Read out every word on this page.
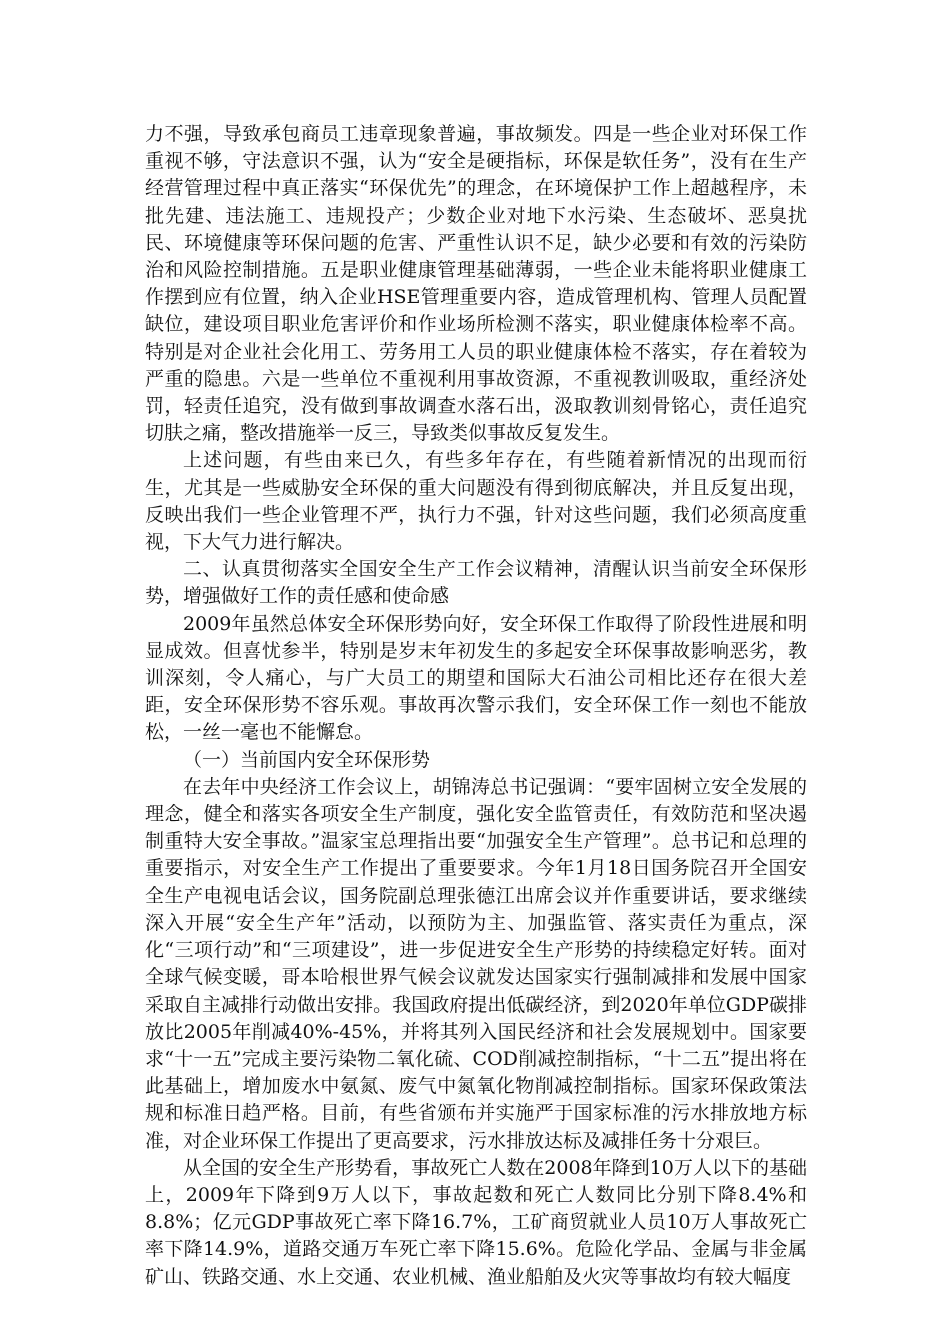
力不强，导致承包商员工违章现象普遍，事故频发。四是一些企业对环保工作重视不够，守法意识不强，认为“安全是硬指标，环保是软任务”，没有在生产经营管理过程中真正落实“环保优先”的理念，在环境保护工作上超越程序，未批先建、违法施工、违规投产；少数企业对地下水污染、生态破坏、恶臭扰民、环境健康等环保问题的危害、严重性认识不足，缺少必要和有效的污染防治和风险控制措施。五是职业健康管理基础薄弱，一些企业未能将职业健康工作摆到应有位置，纳入企业HSE管理重要内容，造成管理机构、管理人员配置缺位，建设项目职业危害评价和作业场所检测不落实，职业健康体检率不高。特别是对企业社会化用工、劳务用工人员的职业健康体检不落实，存在着较为严重的隐患。六是一些单位不重视利用事故资源，不重视教训吸取，重经济处罚，轻责任追究，没有做到事故调查水落石出，汲取教训刻骨铭心，责任追究切肤之痛，整改措施举一反三，导致类似事故反复发生。

上述问题，有些由来已久，有些多年存在，有些随着新情况的出现而衍生，尤其是一些威胁安全环保的重大问题没有得到彻底解决，并且反复出现，反映出我们一些企业管理不严，执行力不强，针对这些问题，我们必须高度重视，下大气力进行解决。

二、认真贯彻落实全国安全生产工作会议精神，清醒认识当前安全环保形势，增强做好工作的责任感和使命感

2009年虽然总体安全环保形势向好，安全环保工作取得了阶段性进展和明显成效。但喜忧参半，特别是岁末年初发生的多起安全环保事故影响恶劣，教训深刻，令人痛心，与广大员工的期望和国际大石油公司相比还存在很大差距，安全环保形势不容乐观。事故再次警示我们，安全环保工作一刻也不能放松，一丝一毫也不能懈怠。

（一）当前国内安全环保形势

在去年中央经济工作会议上，胡锦涛总书记强调：“要牢固树立安全发展的理念，健全和落实各项安全生产制度，强化安全监管责任，有效防范和坚决遏制重特大安全事故。”温家宝总理指出要“加强安全生产管理”。总书记和总理的重要指示，对安全生产工作提出了重要要求。今年1月18日国务院召开全国安全生产电视电话会议，国务院副总理张德江出席会议并作重要讲话，要求继续深入开展“安全生产年”活动，以预防为主、加强监管、落实责任为重点，深化“三项行动”和“三项建设”，进一步促进安全生产形势的持续稳定好转。面对全球气候变暖，哥本哈根世界气候会议就发达国家实行强制减排和发展中国家采取自主减排行动做出安排。我国政府提出低碳经济，到2020年单位GDP碳排放比2005年削减40%-45%，并将其列入国民经济和社会发展规划中。国家要求“十一五”完成主要污染物二氧化硫、COD削减控制指标，“十二五”提出将在此基础上，增加废水中氨氮、废气中氮氧化物削减控制指标。国家环保政策法规和标准日趋严格。目前，有些省颁布并实施严于国家标准的污水排放地方标准，对企业环保工作提出了更高要求，污水排放达标及减排任务十分艰巨。

从全国的安全生产形势看，事故死亡人数在2008年降到10万人以下的基础上，2009年下降到9万人以下，事故起数和死亡人数同比分别下降8.4%和8.8%；亿元GDP事故死亡率下降16.7%，工矿商贸就业人员10万人事故死亡率下降14.9%，道路交通万车死亡率下降15.6%。危险化学品、金属与非金属矿山、铁路交通、水上交通、农业机械、渔业船舶及火灾等事故均有较大幅度
